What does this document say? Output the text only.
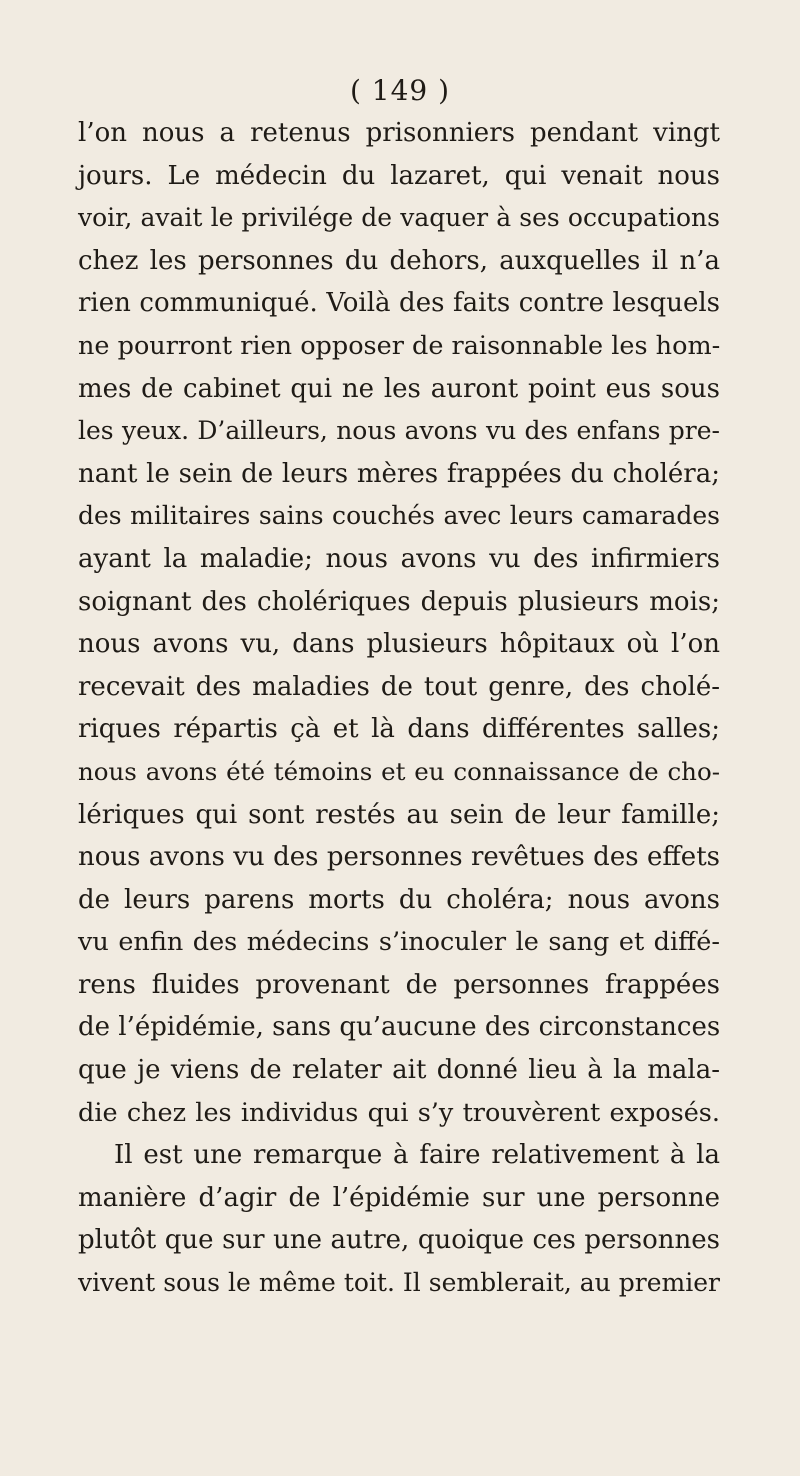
( 149 )
l’on nous a retenus prisonniers pendant vingt
jours. Le médecin du lazaret, qui venait nous
voir, avait le privilége de vaquer à ses occupations
chez les personnes du dehors, auxquelles il n’a
rien communiqué. Voilà des faits contre lesquels
ne pourront rien opposer de raisonnable les hom-
mes de cabinet qui ne les auront point eus sous
les yeux. D’ailleurs, nous avons vu des enfans pre-
nant le sein de leurs mères frappées du choléra;
des militaires sains couchés avec leurs camarades
ayant la maladie; nous avons vu des infirmiers
soignant des cholériques depuis plusieurs mois;
nous avons vu, dans plusieurs hôpitaux où l’on
recevait des maladies de tout genre, des cholé-
riques répartis çà et là dans différentes salles;
nous avons été témoins et eu connaissance de cho-
lériques qui sont restés au sein de leur famille;
nous avons vu des personnes revêtues des effets
de leurs parens morts du choléra; nous avons
vu enfin des médecins s’inoculer le sang et diffé-
rens fluides provenant de personnes frappées
de l’épidémie, sans qu’aucune des circonstances
que je viens de relater ait donné lieu à la mala-
die chez les individus qui s’y trouvèrent exposés.
Il est une remarque à faire relativement à la
manière d’agir de l’épidémie sur une personne
plutôt que sur une autre, quoique ces personnes
vivent sous le même toit. Il semblerait, au premier
